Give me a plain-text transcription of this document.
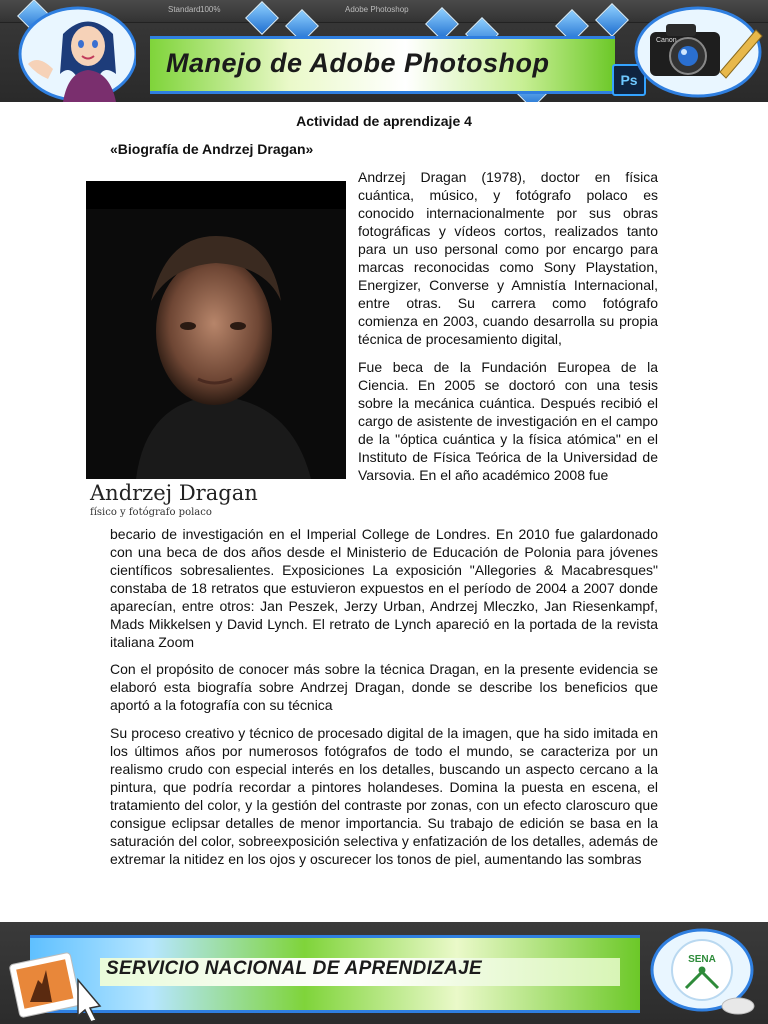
Standard 100%	Adobe Photoshop
Manejo de Adobe Photoshop
Ps
Canon
Actividad de aprendizaje 4
«Biografía de Andrzej Dragan»
Andrzej Dragan
físico y fotógrafo polaco

Andrzej Dragan (1978), doctor en física cuántica, músico, y fotógrafo polaco es conocido internacionalmente por sus obras fotográficas y vídeos cortos, realizados tanto para un uso personal como por encargo para marcas reconocidas como Sony Playstation, Energizer, Converse y Amnistía Internacional, entre otras. Su carrera como fotógrafo comienza en 2003, cuando desarrolla su propia técnica de procesamiento digital,

Fue beca de la Fundación Europea de la Ciencia. En 2005 se doctoró con una tesis sobre la mecánica cuántica. Después recibió el cargo de asistente de investigación en el campo de la "óptica cuántica y la física atómica" en el Instituto de Física Teórica de la Universidad de Varsovia. En el año académico 2008 fue

becario de investigación en el Imperial College de Londres. En 2010 fue galardonado con una beca de dos años desde el Ministerio de Educación de Polonia para jóvenes científicos sobresalientes. Exposiciones La exposición "Allegories & Macabresques" constaba de 18 retratos que estuvieron expuestos en el período de 2004 a 2007 donde aparecían, entre otros: Jan Peszek, Jerzy Urban, Andrzej Mleczko, Jan Riesenkampf, Mads Mikkelsen y David Lynch. El retrato de Lynch apareció en la portada de la revista italiana Zoom

Con el propósito de conocer más sobre la técnica Dragan, en la presente evidencia se elaboró esta biografía sobre Andrzej Dragan, donde se describe los beneficios que aportó a la fotografía con su técnica

Su proceso creativo y técnico de procesado digital de la imagen, que ha sido imitada en los últimos años por numerosos fotógrafos de todo el mundo, se caracteriza por un realismo crudo con especial interés en los detalles, buscando un aspecto cercano a la pintura, que podría recordar a pintores holandeses. Domina la puesta en escena, el tratamiento del color, y la gestión del contraste por zonas, con un efecto claroscuro que consigue eclipsar detalles de menor importancia. Su trabajo de edición se basa en la saturación del color, sobreexposición selectiva y enfatización de los detalles, además de extremar la nitidez en los ojos y oscurecer los tonos de piel, aumentando las sombras

SERVICIO NACIONAL DE APRENDIZAJE	SENA
